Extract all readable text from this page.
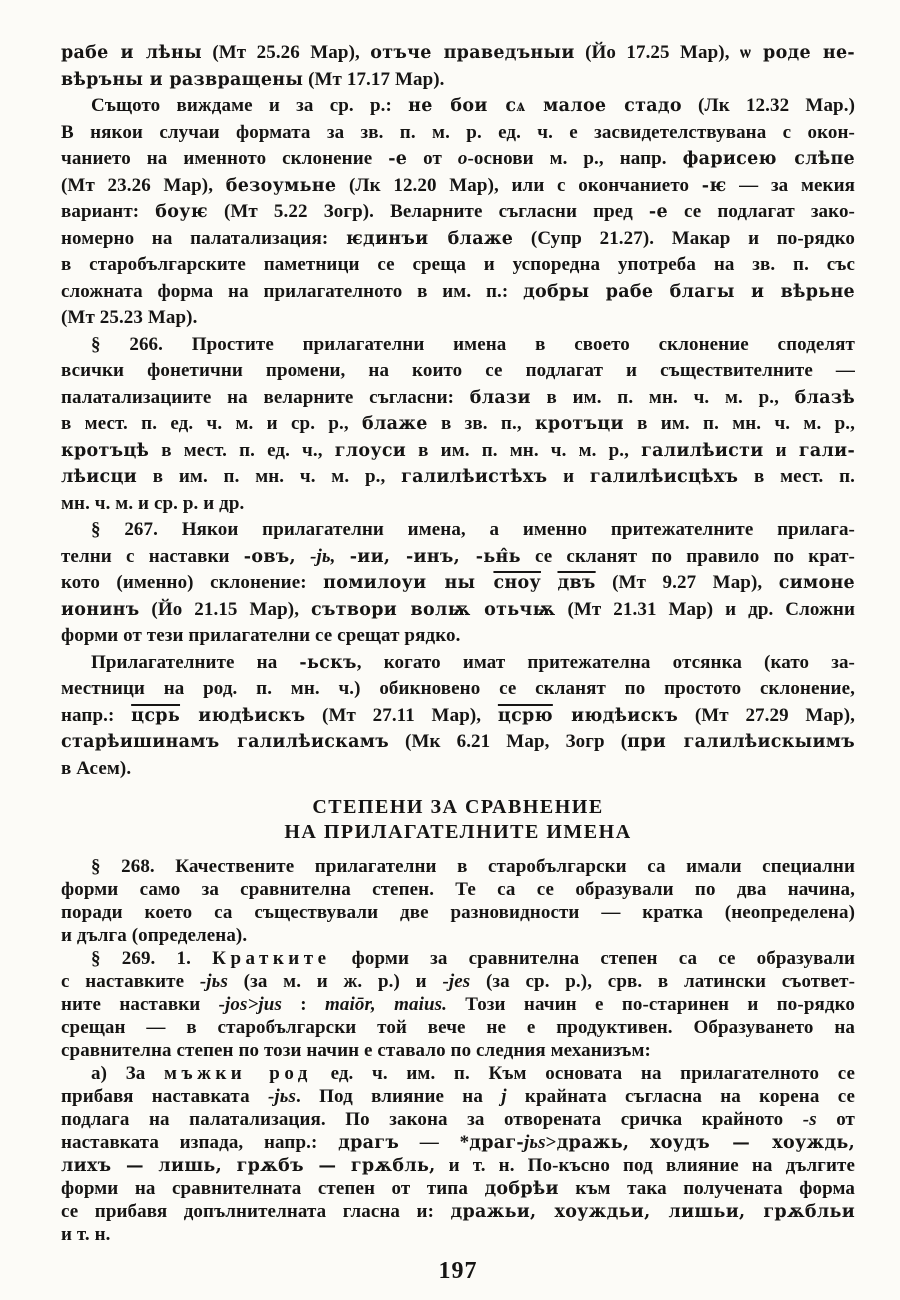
рабе и лѣны (Мт 25.26 Мар), отъче праведъныи (Йо 17.25 Мар), ѡ роде не-
вѣръны и развращены (Мт 17.17 Мар).
Същото виждаме и за ср. р.: не бои сѧ малое стадо (Лк 12.32 Мар.)
В някои случаи формата за зв. п. м. р. ед. ч. е засвидетелствувана с окон-
чанието на именното склонение -е от о-основи м. р., напр. фарисею слѣпе
(Мт 23.26 Мар), безоумьне (Лк 12.20 Мар), или с окончанието -ѥ — за мекия
вариант: боуѥ (Мт 5.22 Зогр). Веларните съгласни пред -е се подлагат зако-
номерно на палатализация: ѥдинъи блаже (Супр 21.27). Макар и по-рядко
в старобългарските паметници се среща и успоредна употреба на зв. п. със
сложната форма на прилагателното в им. п.: добры рабе благы и вѣрьне
(Мт 25.23 Мар).
§ 266. Простите прилагателни имена в своето склонение споделят
всички фонетични промени, на които се подлагат и съществителните —
палатализациите на веларните съгласни: блази в им. п. мн. ч. м. р., блазѣ
в мест. п. ед. ч. м. и ср. р., блаже в зв. п., кротъци в им. п. мн. ч. м. р.,
кротъцѣ в мест. п. ед. ч., глоуси в им. п. мн. ч. м. р., галилѣисти и гали-
лѣисци в им. п. мн. ч. м. р., галилѣистѣхъ и галилѣисцѣхъ в мест. п.
мн. ч. м. и ср. р. и др.
§ 267. Някои прилагателни имена, а именно притежателните прилага-
телни с наставки -овъ, -jь, -ии, -инъ, -ьн̂ь се скланят по правило по крат-
кото (именно) склонение: помилоуи ны сноу двъ (Мт 9.27 Мар), симоне
ионинъ (Йо 21.15 Мар), сътвори волѭ отьчѭ (Мт 21.31 Мар) и др. Сложни
форми от тези прилагателни се срещат рядко.
Прилагателните на -ьскъ, когато имат притежателна отсянка (като за-
местници на род. п. мн. ч.) обикновено се скланят по простото склонение,
напр.: цсрь июдѣискъ (Мт 27.11 Мар), цсрю июдѣискъ (Мт 27.29 Мар),
старѣишинамъ галилѣискамъ (Мк 6.21 Мар, Зогр (при галилѣискыимъ
в Асем).
СТЕПЕНИ ЗА СРАВНЕНИЕ
НА ПРИЛАГАТЕЛНИТЕ ИМЕНА
§ 268. Качествените прилагателни в старобългарски са имали специални
форми само за сравнителна степен. Те са се образували по два начина,
поради което са съществували две разновидности — кратка (неопределена)
и дълга (определена).
§ 269. 1. Кратките форми за сравнителна степен са се образували
с наставките -jьs (за м. и ж. р.) и -jes (за ср. р.), срв. в латински съответ-
ните наставки -jos>jus : maiōr, maius. Този начин е по-старинен и по-рядко
срещан — в старобългарски той вече не е продуктивен. Образуването на
сравнителна степен по този начин е ставало по следния механизъм:
а) За мъжки род ед. ч. им. п. Към основата на прилагателното се
прибавя наставката -jьs. Под влияние на j крайната съгласна на корена се
подлага на палатализация. По закона за отворената сричка крайното -s от
наставката изпада, напр.: драгъ — *драг-jьs>дражь, хоудъ — хоуждь,
лихъ — лишь, грѫбъ — грѫбль, и т. н. По-късно под влияние на дългите
форми на сравнителната степен от типа добрѣи към така получената форма
се прибавя допълнителната гласна и: дражьи, хоуждьи, лишьи, грѫбльи
и т. н.
197
